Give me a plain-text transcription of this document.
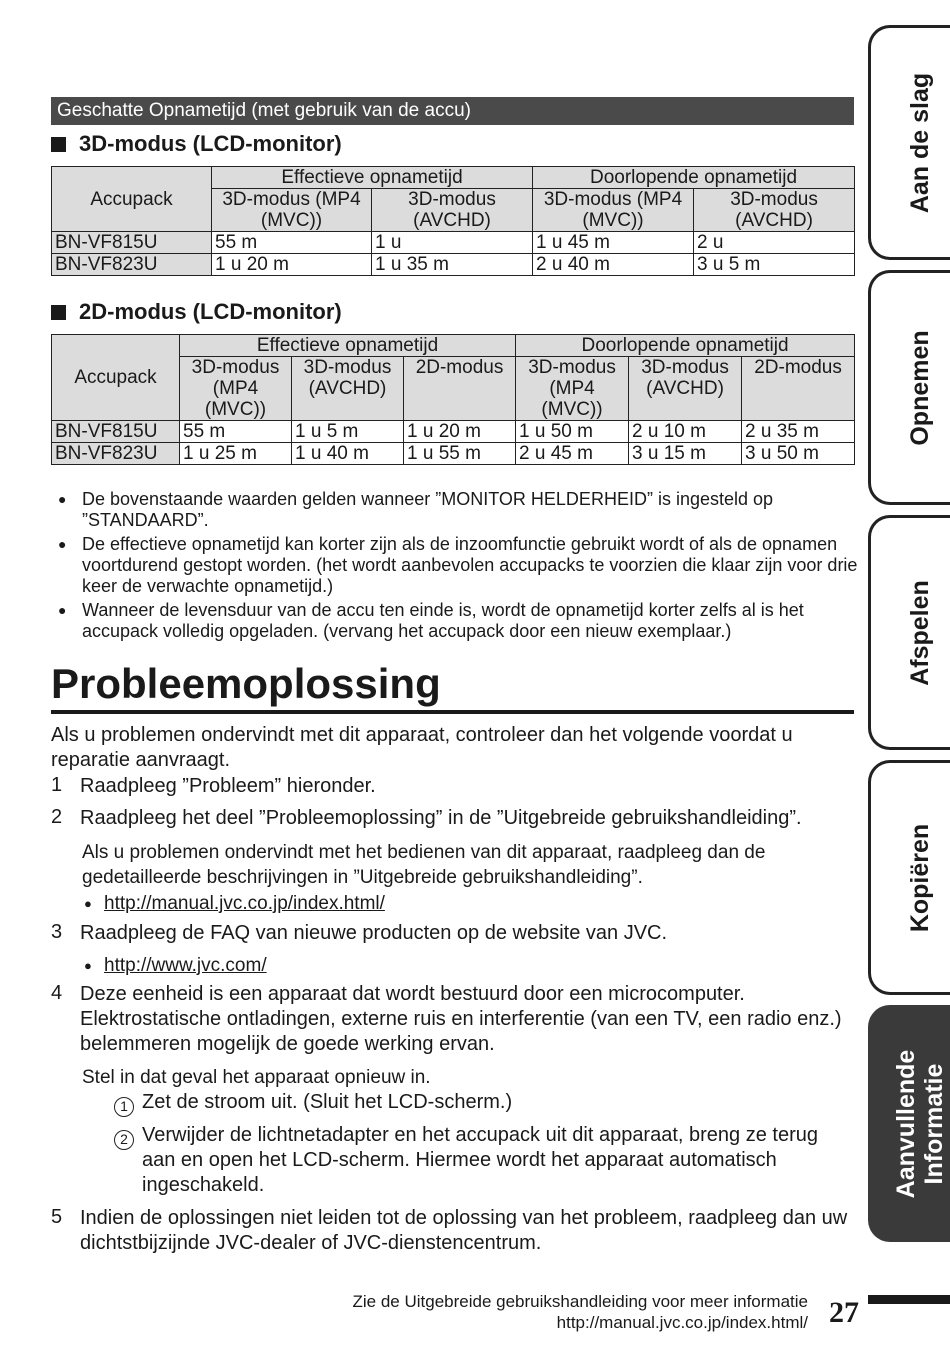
Geschatte Opnametijd (met gebruik van de accu)
3D-modus (LCD-monitor)
Accupack	Effectieve opnametijd		Doorlopende opnametijd	
	3D-modus (MP4 (MVC))	3D-modus (AVCHD)	3D-modus (MP4 (MVC))	3D-modus (AVCHD)
BN-VF815U	55 m	1 u	1 u 45 m	2 u
BN-VF823U	1 u 20 m	1 u 35 m	2 u 40 m	3 u 5 m
2D-modus (LCD-monitor)
Accupack	Effectieve opnametijd			Doorlopende opnametijd		
	3D-modus (MP4 (MVC))	3D-modus (AVCHD)	2D-modus	3D-modus (MP4 (MVC))	3D-modus (AVCHD)	2D-modus
BN-VF815U	55 m	1 u 5 m	1 u 20 m	1 u 50 m	2 u 10 m	2 u 35 m
BN-VF823U	1 u 25 m	1 u 40 m	1 u 55 m	2 u 45 m	3 u 15 m	3 u 50 m
● De bovenstaande waarden gelden wanneer ”MONITOR HELDERHEID” is ingesteld op ”STANDAARD”.
● De effectieve opnametijd kan korter zijn als de inzoomfunctie gebruikt wordt of als de opnamen voortdurend gestopt worden. (het wordt aanbevolen accupacks te voorzien die klaar zijn voor drie keer de verwachte opnametijd.)
● Wanneer de levensduur van de accu ten einde is, wordt de opnametijd korter zelfs al is het accupack volledig opgeladen. (vervang het accupack door een nieuw exemplaar.)
Probleemoplossing
Als u problemen ondervindt met dit apparaat, controleer dan het volgende voordat u reparatie aanvraagt.
1 Raadpleeg ”Probleem” hieronder.
2 Raadpleeg het deel ”Probleemoplossing” in de ”Uitgebreide gebruikshandleiding”.
Als u problemen ondervindt met het bedienen van dit apparaat, raadpleeg dan de gedetailleerde beschrijvingen in ”Uitgebreide gebruikshandleiding”.
● http://manual.jvc.co.jp/index.html/
3 Raadpleeg de FAQ van nieuwe producten op de website van JVC.
● http://www.jvc.com/
4 Deze eenheid is een apparaat dat wordt bestuurd door een microcomputer. Elektrostatische ontladingen, externe ruis en interferentie (van een TV, een radio enz.) belemmeren mogelijk de goede werking ervan.
Stel in dat geval het apparaat opnieuw in.
1 Zet de stroom uit. (Sluit het LCD-scherm.)
2 Verwijder de lichtnetadapter en het accupack uit dit apparaat, breng ze terug aan en open het LCD-scherm. Hiermee wordt het apparaat automatisch ingeschakeld.
5 Indien de oplossingen niet leiden tot de oplossing van het probleem, raadpleeg dan uw dichtstbijzijnde JVC-dealer of JVC-dienstencentrum.
Aan de slag
Opnemen
Afspelen
Kopiëren
Aanvullende Informatie
Zie de Uitgebreide gebruikshandleiding voor meer informatie
http://manual.jvc.co.jp/index.html/ 27
